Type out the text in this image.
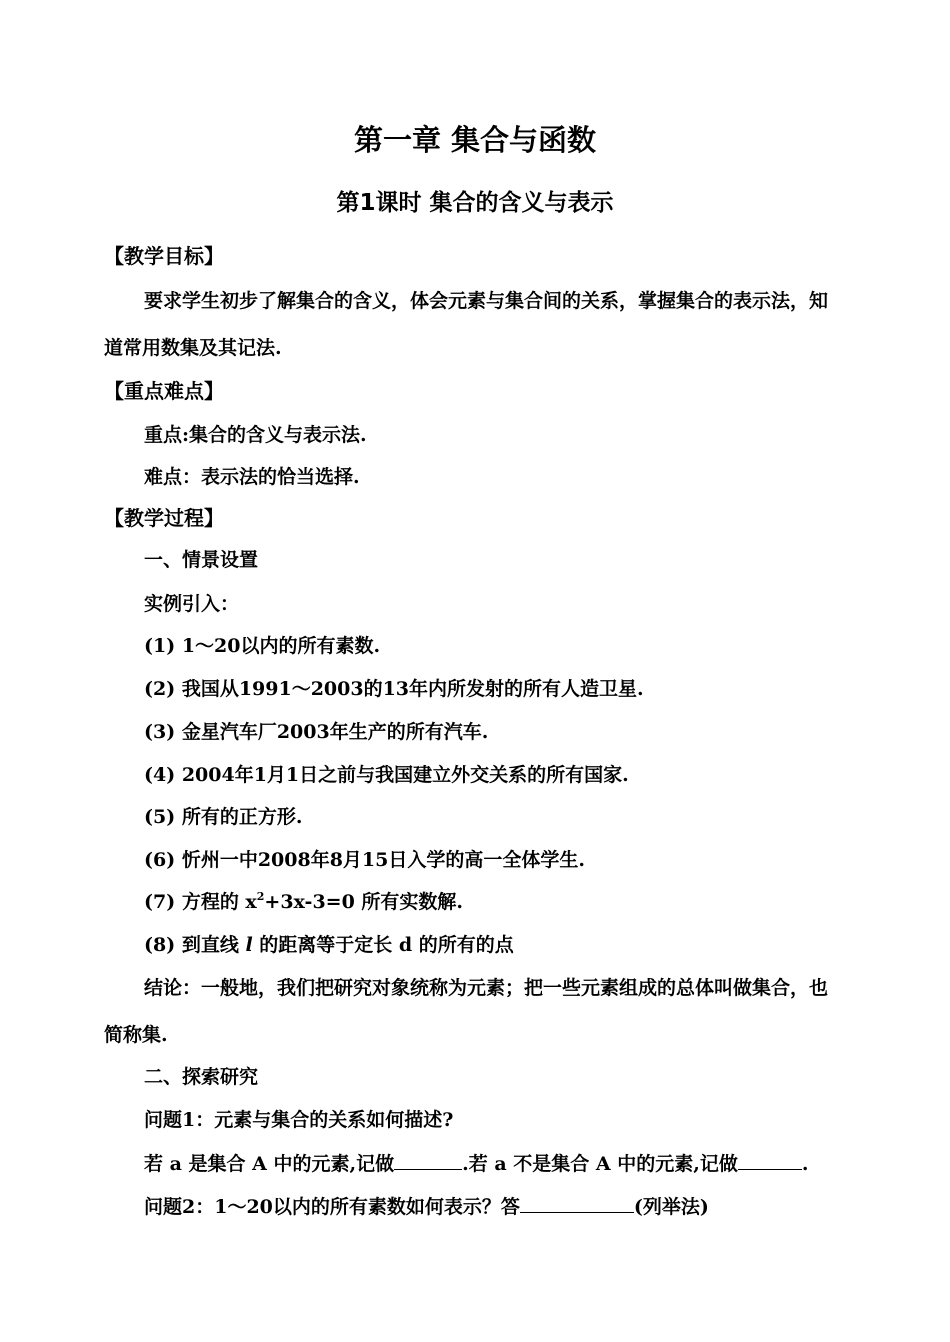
第一章 集合与函数
第1课时 集合的含义与表示
【教学目标】
要求学生初步了解集合的含义，体会元素与集合间的关系，掌握集合的表示法，知
道常用数集及其记法.
【重点难点】
重点:集合的含义与表示法.
难点：表示法的恰当选择.
【教学过程】
一、情景设置
实例引入：
(1) 1～20以内的所有素数.
(2) 我国从1991～2003的13年内所发射的所有人造卫星.
(3) 金星汽车厂2003年生产的所有汽车.
(4) 2004年1月1日之前与我国建立外交关系的所有国家.
(5) 所有的正方形.
(6) 忻州一中2008年8月15日入学的高一全体学生.
(7) 方程的 $x^2+3x-3=0$ 所有实数解.
(8) 到直线 l 的距离等于定长 d 的所有的点
结论：一般地，我们把研究对象统称为元素；把一些元素组成的总体叫做集合，也
简称集.
二、探索研究
问题1：元素与集合的关系如何描述?
若 a 是集合 A 中的元素,记做	.若 a 不是集合 A 中的元素,记做	.
问题2：1～20以内的所有素数如何表示？答	(列举法)
